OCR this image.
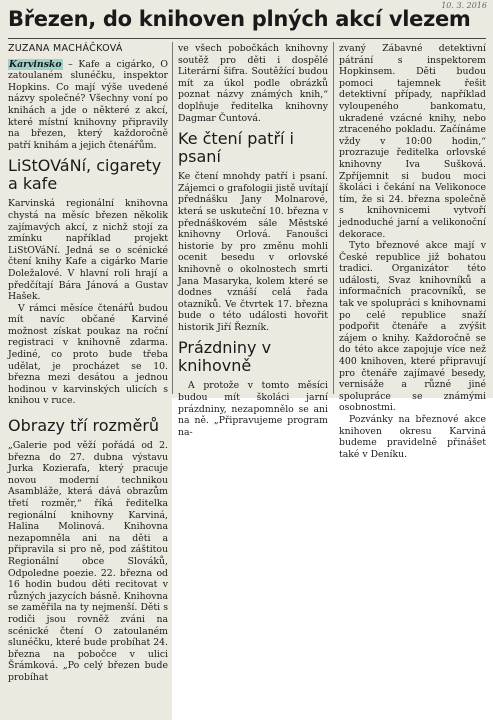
10. 3. 2016
Březen, do knihoven plných akcí vlezem
ZUZANA MACHÁČKOVÁ

Karvinsko – Kafe a cigárko, O zatoulaném slunéčku, inspektor Hopkins. Co mají výše uvedené názvy společné? Všechny voní po knihách a jde o některé z akcí, které místní knihovny připravily na březen, který každoročně patří knihám a jejich čtenářům.

LiStOVáNí, cigarety a kafe

Karvinská regionální knihovna chystá na měsíc březen několik zajímavých akcí, z nichž stojí za zmínku například projekt LiStOVáNí. Jedná se o scénické čtení knihy Kafe a cigárko Marie Doležalové. V hlavní roli hrají a předčítají Bára Jánová a Gustav Hašek.

V rámci měsíce čtenářů budou mít navíc občané Karviné možnost získat poukaz na roční registraci v knihovně zdarma. Jediné, co proto bude třeba udělat, je procházet se 10. března mezi desátou a jednou hodinou v karvinských ulicích s knihou v ruce.

Obrazy tří rozměrů

„Galerie pod věží pořádá od 2. března do 27. dubna výstavu Jurka Kozierafa, který pracuje novou moderní technikou Asambláže, která dává obrazům třetí rozměr,“ říká ředitelka regionální knihovny Karviná, Halina Molinová. Knihovna nezapomněla ani na děti a připravila si pro ně, pod záštitou Regionální obce Slováků, Odpoledne poezie. 22. března od 16 hodin budou děti recitovat v různých jazycích básně. Knihovna se zaměřila na ty nejmenší. Děti s rodiči jsou rovněž zváni na scénické čtení O zatoulaném slunéčku, které bude probíhat 24. března na pobočce v ulici Šrámková. „Po celý březen bude probíhat

ve všech pobočkách knihovny soutěž pro děti i dospělé Literární šifra. Soutěžící budou mít za úkol podle obrázků poznat názvy známých knih,“ doplňuje ředitelka knihovny Dagmar Čuntová.

Ke čtení patří i psaní

Ke čtení mnohdy patří i psaní. Zájemci o grafologii jistě uvítají přednášku Jany Molnarové, která se uskuteční 10. března v přednáškovém sále Městské knihovny Orlová. Fanoušci historie by pro změnu mohli ocenit besedu v orlovské knihovně o okolnostech smrti Jana Masaryka, kolem které se dodnes vznáší celá řada otazníků. Ve čtvrtek 17. března bude o této události hovořit historik Jiří Řezník.

Prázdniny v knihovně

A protože v tomto měsíci budou mít školáci jarní prázdniny, nezapomnělo se ani na ně. „Připravujeme program na-

zvaný Zábavné detektivní pátrání s inspektorem Hopkinsem. Děti budou pomoci tajemnek řešit detektivní případy, například vyloupeného bankomatu, ukradené vzácné knihy, nebo ztraceného pokladu. Začínáme vždy v 10:00 hodin,“ prozrazuje ředitelka orlovské knihovny Iva Sušková. Zpříjemnit si budou moci školáci i čekání na Velikonoce tím, že si 24. března společně s knihovnicemi vytvoří jednoduché jarní a velikonoční dekorace.

Tyto březnové akce mají v České republice již bohatou tradici. Organizátor této události, Svaz knihovníků a informačních pracovníků, se tak ve spolupráci s knihovnami po celé republice snaží podpořit čtenáře a zvýšit zájem o knihy. Každoročně se do této akce zapojuje více než 400 knihoven, které připravují pro čtenáře zajímavé besedy, vernisáže a různé jiné spolupráce se známými osobnostmi.

Pozvánky na březnové akce knihoven okresu Karviná budeme pravidelně přinášet také v Deníku.
